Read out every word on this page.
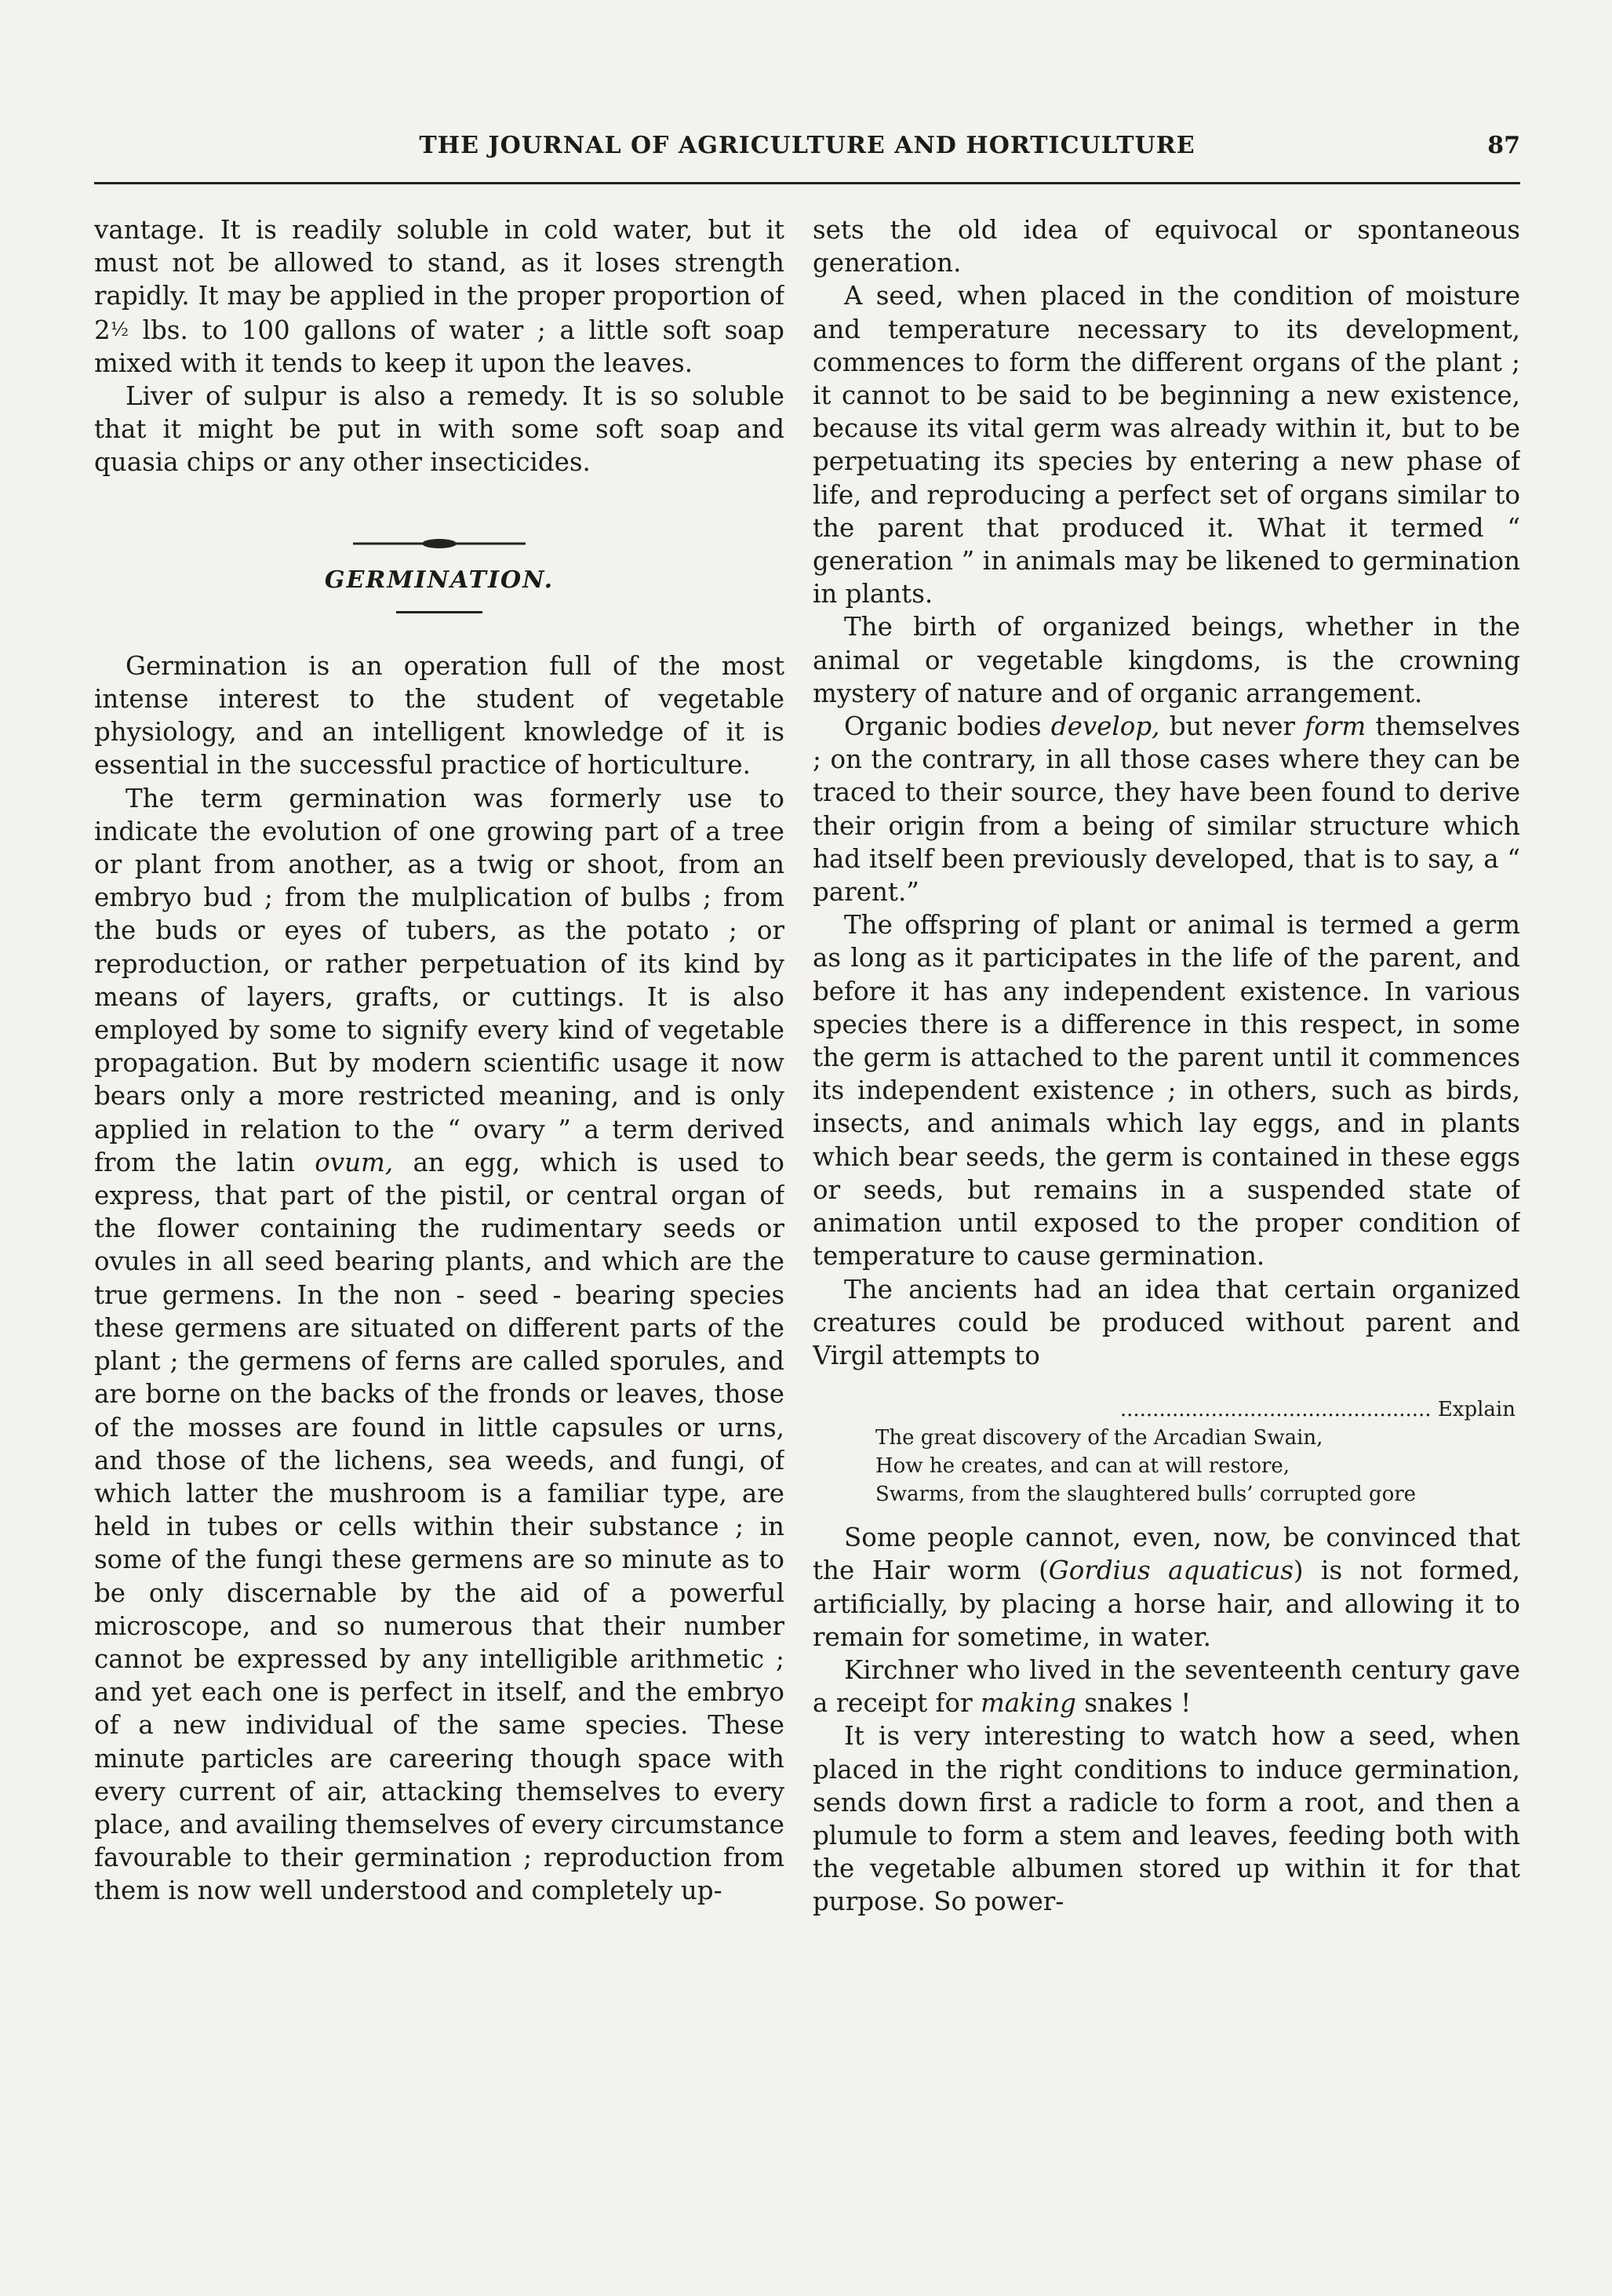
THE JOURNAL OF AGRICULTURE AND HORTICULTURE	87

vantage. It is readily soluble in cold water, but it must not be allowed to stand, as it loses strength rapidly. It may be applied in the proper proportion of 2½ lbs. to 100 gallons of water ; a little soft soap mixed with it tends to keep it upon the leaves.

Liver of sulpur is also a remedy. It is so soluble that it might be put in with some soft soap and quasia chips or any other insecticides.

GERMINATION.

Germination is an operation full of the most intense interest to the student of vegetable physiology, and an intelligent knowledge of it is essential in the successful practice of horticulture.

The term germination was formerly use to indicate the evolution of one growing part of a tree or plant from another, as a twig or shoot, from an embryo bud ; from the mulplication of bulbs ; from the buds or eyes of tubers, as the potato ; or reproduction, or rather perpetuation of its kind by means of layers, grafts, or cuttings. It is also employed by some to signify every kind of vegetable propagation. But by modern scientific usage it now bears only a more restricted meaning, and is only applied in relation to the “ ovary ” a term derived from the latin ovum, an egg, which is used to express, that part of the pistil, or central organ of the flower containing the rudimentary seeds or ovules in all seed bearing plants, and which are the true germens. In the non - seed - bearing species these germens are situated on different parts of the plant ; the germens of ferns are called sporules, and are borne on the backs of the fronds or leaves, those of the mosses are found in little capsules or urns, and those of the lichens, sea weeds, and fungi, of which latter the mushroom is a familiar type, are held in tubes or cells within their substance ; in some of the fungi these germens are so minute as to be only discernable by the aid of a powerful microscope, and so numerous that their number cannot be expressed by any intelligible arithmetic ; and yet each one is perfect in itself, and the embryo of a new individual of the same species. These minute particles are careering though space with every current of air, attacking themselves to every place, and availing themselves of every circumstance favourable to their germination ; reproduction from them is now well understood and completely up-

sets the old idea of equivocal or spontaneous generation.

A seed, when placed in the condition of moisture and temperature necessary to its development, commences to form the different organs of the plant ; it cannot to be said to be beginning a new existence, because its vital germ was already within it, but to be perpetuating its species by entering a new phase of life, and reproducing a perfect set of organs similar to the parent that produced it. What it termed “ generation ” in animals may be likened to germination in plants.

The birth of organized beings, whether in the animal or vegetable kingdoms, is the crowning mystery of nature and of organic arrangement.

Organic bodies develop, but never form themselves ; on the contrary, in all those cases where they can be traced to their source, they have been found to derive their origin from a being of similar structure which had itself been previously developed, that is to say, a “ parent.”

The offspring of plant or animal is termed a germ as long as it participates in the life of the parent, and before it has any independent existence. In various species there is a difference in this respect, in some the germ is attached to the parent until it commences its independent existence ; in others, such as birds, insects, and animals which lay eggs, and in plants which bear seeds, the germ is contained in these eggs or seeds, but remains in a suspended state of animation until exposed to the proper condition of temperature to cause germination.

The ancients had an idea that certain organized creatures could be produced without parent and Virgil attempts to

................................................ Explain
The great discovery of the Arcadian Swain,
How he creates, and can at will restore,
Swarms, from the slaughtered bulls’ corrupted gore

Some people cannot, even, now, be convinced that the Hair worm (Gordius aquaticus) is not formed, artificially, by placing a horse hair, and allowing it to remain for sometime, in water.

Kirchner who lived in the seventeenth century gave a receipt for making snakes !

It is very interesting to watch how a seed, when placed in the right conditions to induce germination, sends down first a radicle to form a root, and then a plumule to form a stem and leaves, feeding both with the vegetable albumen stored up within it for that purpose. So power-
